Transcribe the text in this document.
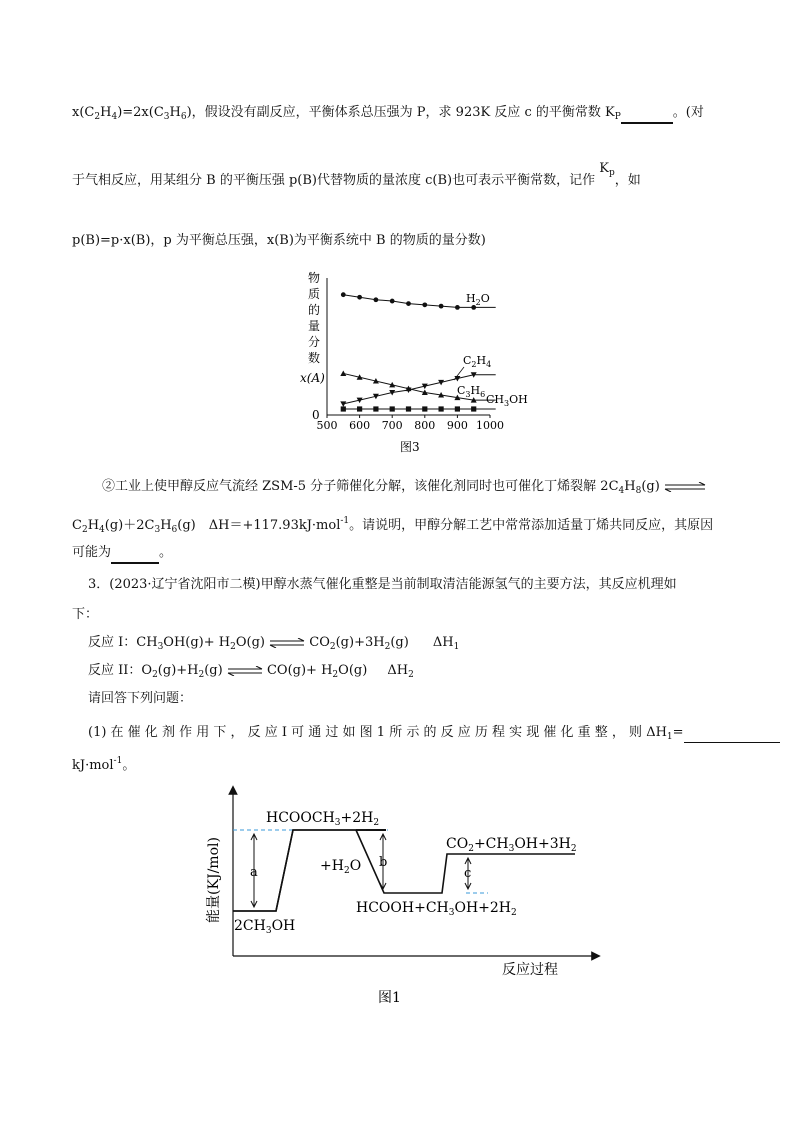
$x(C_2H_4)=2x(C_3H_6)$，假设没有副反应，平衡体系总压强为 P，求 923K 反应 c 的平衡常数 $K_P$	。(对
于气相反应，用某组分 B 的平衡压强 p(B)代替物质的量浓度 c(B)也可表示平衡常数，记作 $K_p$，如
p(B)=p·x(B)，p 为平衡总压强，x(B)为平衡系统中 B 的物质的量分数)
物
质
的
量
分
数
x(A)
0
500 600 700 800 900 1000
$H_2O$
$C_2H_4$
$C_3H_6$ $CH_3OH$
图3
②工业上使甲醇反应气流经 ZSM-5 分子筛催化分解，该催化剂同时也可催化丁烯裂解 $2C_4H_8(g)$ ⇌
$C_2H_4(g)+2C_3H_6(g)$　ΔH＝+117.93kJ·mol$^{-1}$。请说明，甲醇分解工艺中常常添加适量丁烯共同反应，其原因
可能为	。
3．(2023·辽宁省沈阳市二模)甲醇水蒸气催化重整是当前制取清洁能源氢气的主要方法，其反应机理如
下：
反应 I：$CH_3OH(g)+ H_2O(g)$ ⇌ $CO_2(g)+3H_2(g)$ $\Delta H_1$
反应 II：$O_2(g)+H_2(g)$ ⇌ $CO(g)+ H_2O(g)$ $\Delta H_2$
请回答下列问题：
(1) 在 催 化 剂 作 用 下 ， 反 应 I 可 通 过 如 图 1 所 示 的 反 应 历 程 实 现 催 化 重 整 ， 则 $\Delta H_1=$
kJ·mol$^{-1}$。
能量(KJ/mol)
反应过程
a
b
c
$2CH_3OH$
$HCOOCH_3+2H_2$
$+H_2O$
$HCOOH+CH_3OH+2H_2$
$CO_2+CH_3OH+3H_2$
图1
